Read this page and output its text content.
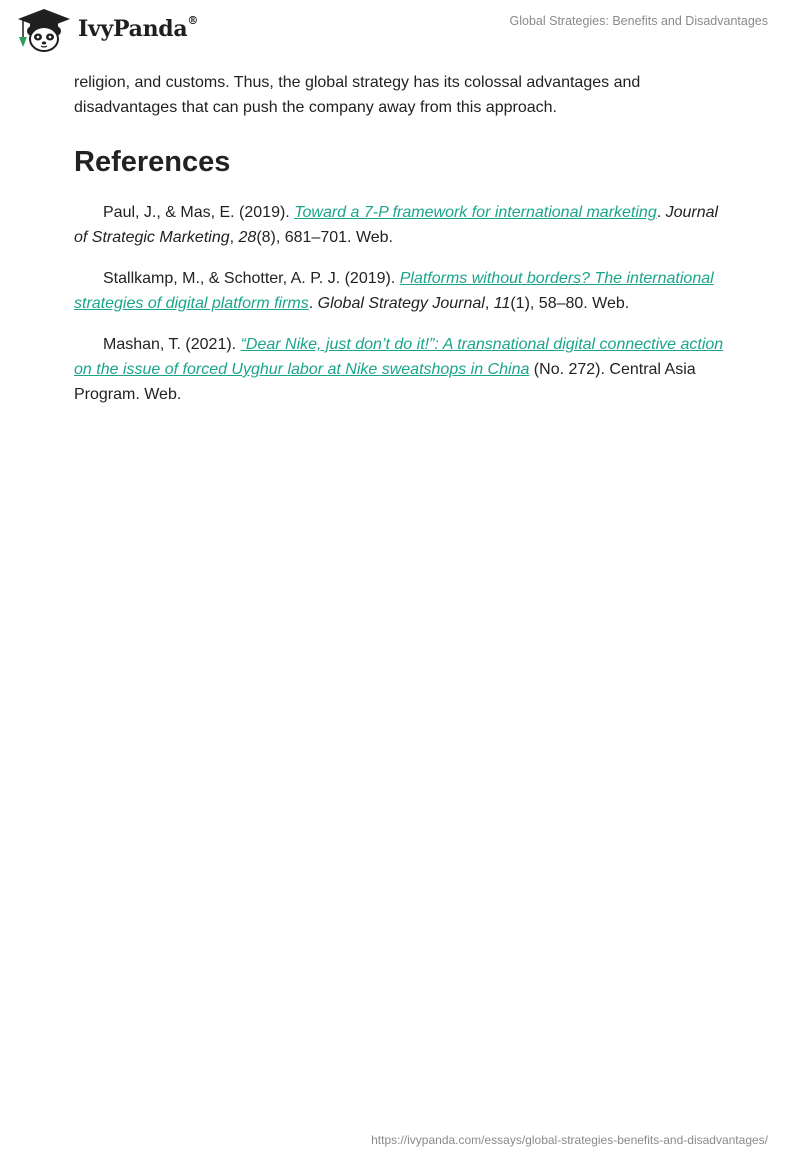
IvyPanda®	Global Strategies: Benefits and Disadvantages

religion, and customs. Thus, the global strategy has its colossal advantages and disadvantages that can push the company away from this approach.

References

Paul, J., & Mas, E. (2019). Toward a 7-P framework for international marketing. Journal of Strategic Marketing, 28(8), 681–701. Web.

Stallkamp, M., & Schotter, A. P. J. (2019). Platforms without borders? The international strategies of digital platform firms. Global Strategy Journal, 11(1), 58–80. Web.

Mashan, T. (2021). “Dear Nike, just don’t do it!”: A transnational digital connective action on the issue of forced Uyghur labor at Nike sweatshops in China (No. 272). Central Asia Program. Web.

https://ivypanda.com/essays/global-strategies-benefits-and-disadvantages/
